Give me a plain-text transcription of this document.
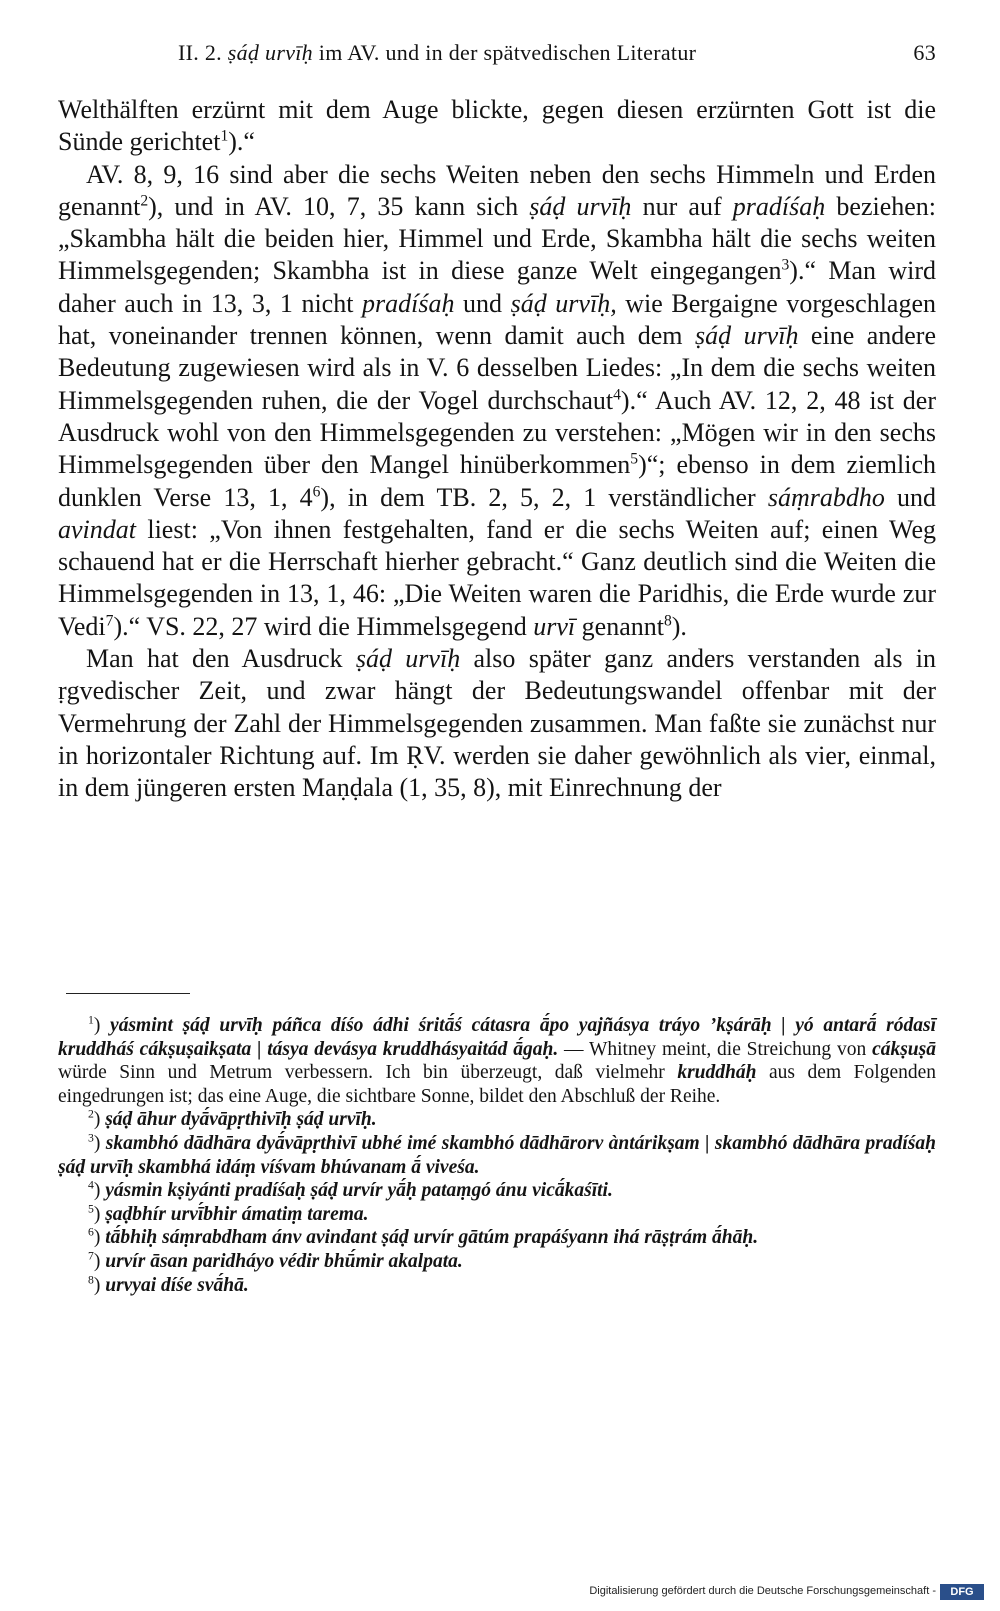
II. 2. ṣáḍ urvīḥ im AV. und in der spätvedischen Literatur	63

Welthälften erzürnt mit dem Auge blickte, gegen diesen erzürnten Gott ist die Sünde gerichtet$^1$).“

AV. 8, 9, 16 sind aber die sechs Weiten neben den sechs Himmeln und Erden genannt$^2$), und in AV. 10, 7, 35 kann sich ṣáḍ urvīḥ nur auf pradíśaḥ beziehen: „Skambha hält die beiden hier, Himmel und Erde, Skambha hält die sechs weiten Himmelsgegenden; Skambha ist in diese ganze Welt eingegangen$^3$).“ Man wird daher auch in 13, 3, 1 nicht pradíśaḥ und ṣáḍ urvīḥ, wie Bergaigne vorgeschlagen hat, voneinander trennen können, wenn damit auch dem ṣáḍ urvīḥ eine andere Bedeutung zugewiesen wird als in V. 6 desselben Liedes: „In dem die sechs weiten Himmelsgegenden ruhen, die der Vogel durchschaut$^4$).“ Auch AV. 12, 2, 48 ist der Ausdruck wohl von den Himmelsgegenden zu verstehen: „Mögen wir in den sechs Himmelsgegenden über den Mangel hinüberkommen$^5$)“; ebenso in dem ziemlich dunklen Verse 13, 1, $4^6$), in dem TB. 2, 5, 2, 1 verständlicher sáṃrabdho und avindat liest: „Von ihnen festgehalten, fand er die sechs Weiten auf; einen Weg schauend hat er die Herrschaft hierher gebracht.“ Ganz deutlich sind die Weiten die Himmelsgegenden in 13, 1, 46: „Die Weiten waren die Paridhis, die Erde wurde zur Vedi$^7$).“ VS. 22, 27 wird die Himmelsgegend urvī genannt$^8$).

Man hat den Ausdruck ṣáḍ urvīḥ also später ganz anders verstanden als in ṛgvedischer Zeit, und zwar hängt der Bedeutungswandel offenbar mit der Vermehrung der Zahl der Himmelsgegenden zusammen. Man faßte sie zunächst nur in horizontaler Richtung auf. Im ṚV. werden sie daher gewöhnlich als vier, einmal, in dem jüngeren ersten Maṇḍala (1, 35, 8), mit Einrechnung der

$^1$) yásmint ṣáḍ urvīḥ páñca díśo ádhi śritā́ś cátasra ā́po yajñásya tráyo ’kṣárāḥ | yó antarā́ ródasī kruddháś cákṣuṣaikṣata | tásya devásya kruddhásyaitád ā́gaḥ. — Whitney meint, die Streichung von cákṣuṣā würde Sinn und Metrum verbessern. Ich bin überzeugt, daß vielmehr kruddháḥ aus dem Folgenden eingedrungen ist; das eine Auge, die sichtbare Sonne, bildet den Abschluß der Reihe.

$^2$) ṣáḍ āhur dyā́vāpṛthivīḥ ṣáḍ urvīḥ.

$^3$) skambhó dādhāra dyā́vāpṛthivī ubhé imé skambhó dādhārorv àntárikṣam | skambhó dādhāra pradíśaḥ ṣáḍ urvīḥ skambhá idáṃ víśvam bhúvanam ā́ viveśa.

$^4$) yásmin kṣiyánti pradíśaḥ ṣáḍ urvír yā́ḥ pataṃgó ánu vicā́kaśīti.

$^5$) ṣaḍbhír urvī́bhir ámatiṃ tarema.

$^6$) tā́bhiḥ sáṃrabdham ánv avindant ṣáḍ urvír gātúm prapáśyann ihá rāṣṭrám ā́hāḥ.

$^7$) urvír āsan paridháyo védir bhū́mir akalpata.

$^8$) urvyai díśe svā́hā.

Digitalisierung gefördert durch die Deutsche Forschungsgemeinschaft -	DFG
